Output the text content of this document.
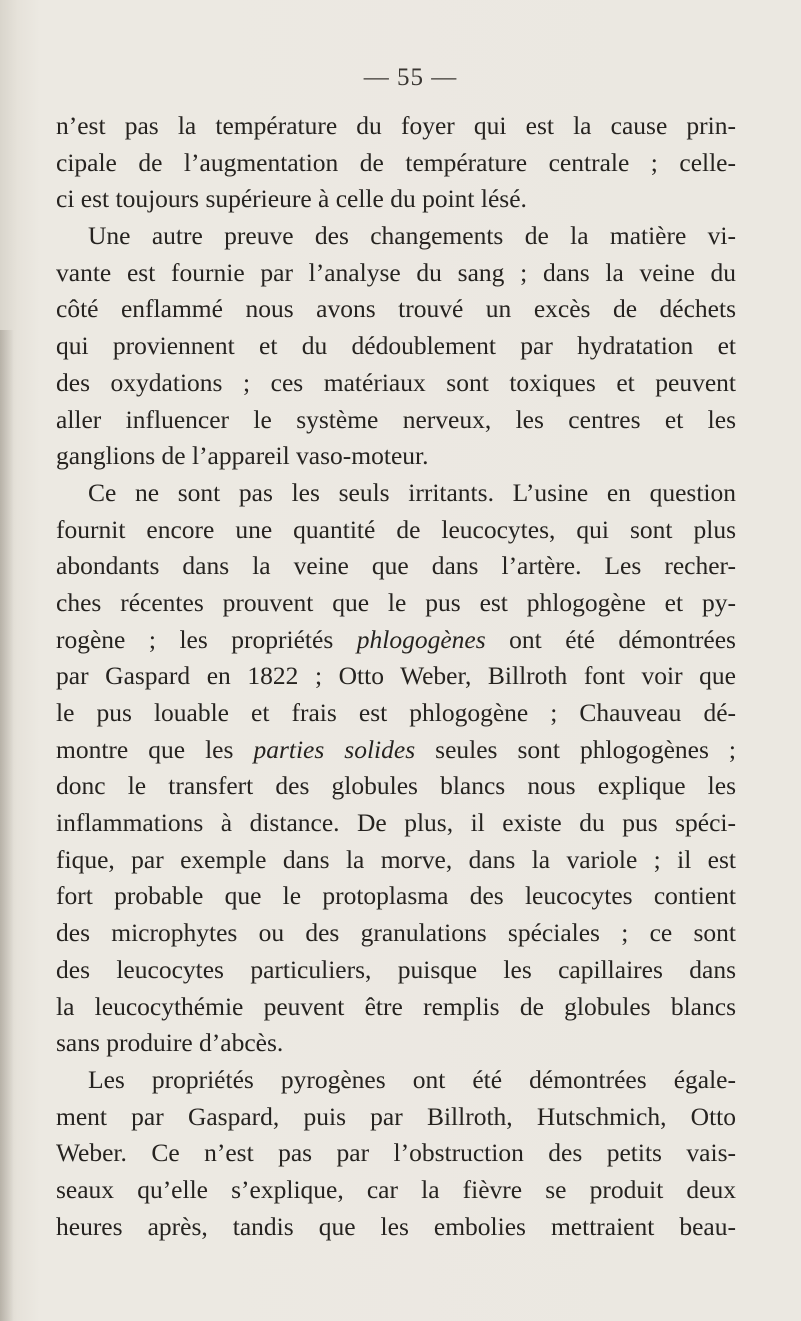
— 55 —
n’est pas la température du foyer qui est la cause prin-
cipale de l’augmentation de température centrale ; celle-
ci est toujours supérieure à celle du point lésé.
Une autre preuve des changements de la matière vi-
vante est fournie par l’analyse du sang ; dans la veine du
côté enflammé nous avons trouvé un excès de déchets
qui proviennent et du dédoublement par hydratation et
des oxydations ; ces matériaux sont toxiques et peuvent
aller influencer le système nerveux, les centres et les
ganglions de l’appareil vaso-moteur.
Ce ne sont pas les seuls irritants. L’usine en question
fournit encore une quantité de leucocytes, qui sont plus
abondants dans la veine que dans l’artère. Les recher-
ches récentes prouvent que le pus est phlogogène et py-
rogène ; les propriétés phlogogènes ont été démontrées
par Gaspard en 1822 ; Otto Weber, Billroth font voir que
le pus louable et frais est phlogogène ; Chauveau dé-
montre que les parties solides seules sont phlogogènes ;
donc le transfert des globules blancs nous explique les
inflammations à distance. De plus, il existe du pus spéci-
fique, par exemple dans la morve, dans la variole ; il est
fort probable que le protoplasma des leucocytes contient
des microphytes ou des granulations spéciales ; ce sont
des leucocytes particuliers, puisque les capillaires dans
la leucocythémie peuvent être remplis de globules blancs
sans produire d’abcès.
Les propriétés pyrogènes ont été démontrées égale-
ment par Gaspard, puis par Billroth, Hutschmich, Otto
Weber. Ce n’est pas par l’obstruction des petits vais-
seaux qu’elle s’explique, car la fièvre se produit deux
heures après, tandis que les embolies mettraient beau-
